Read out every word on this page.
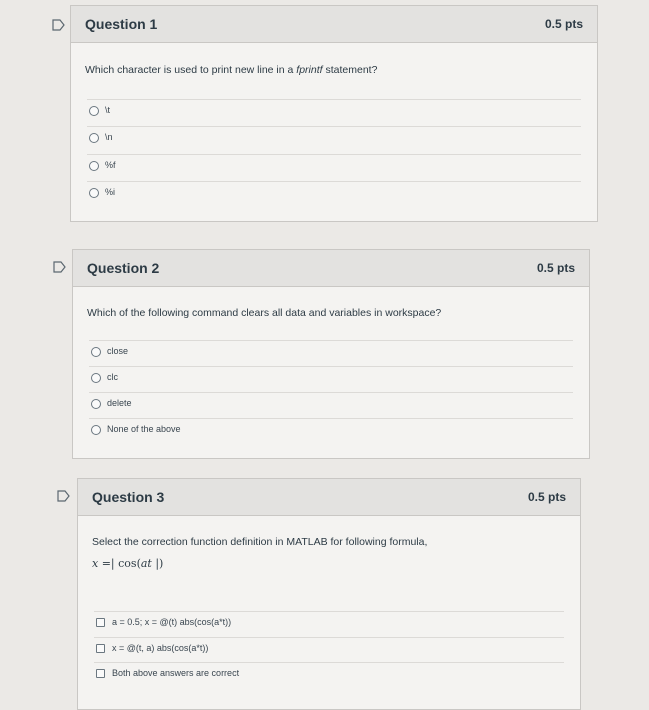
Question 1	0.5 pts
Which character is used to print new line in a fprintf statement?
\t
\n
%f
%i
Question 2	0.5 pts
Which of the following command clears all data and variables in workspace?
close
clc
delete
None of the above
Question 3	0.5 pts
Select the correction function definition in MATLAB for following formula,
x =| cos(at |)
a = 0.5; x = @(t) abs(cos(a*t))
x = @(t, a) abs(cos(a*t))
Both above answers are correct
